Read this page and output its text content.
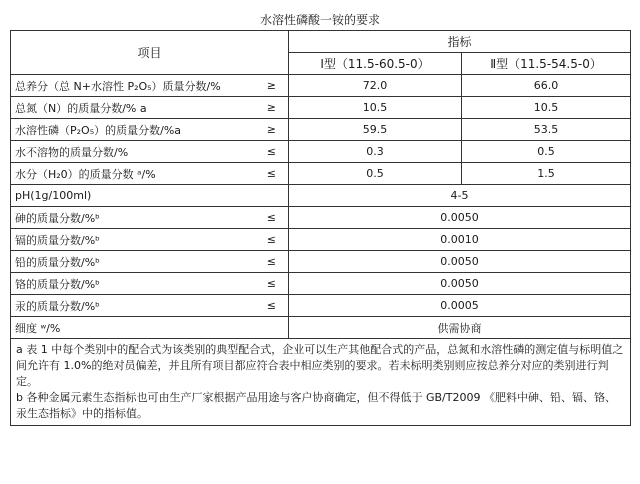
水溶性磷酸一铵的要求
项目	指标	
	Ⅰ型（11.5-60.5-0）	Ⅱ型（11.5-54.5-0）

总养分（总 N+水溶性 P₂O₅）质量分数/% ≥	72.0	66.0

总氮（N）的质量分数/% a ≥	10.5	10.5

水溶性磷（P₂O₅）的质量分数/%a ≥	59.5	53.5

水不溶物的质量分数/% ≤	0.3	0.5

水分（H₂0）的质量分数 ᵃ/% ≤	0.5	1.5
pH(1g/100ml)	4-5	

砷的质量分数/%ᵇ ≤	0.0050	

镉的质量分数/%ᵇ ≤	0.0010	

铅的质量分数/%ᵇ ≤	0.0050	

铬的质量分数/%ᵇ ≤	0.0050	

汞的质量分数/%ᵇ ≤	0.0005	
细度 ʷ/%	供需协商	

a 表 1 中每个类别中的配合式为该类别的典型配合式，企业可以生产其他配合式的产品，总氮和水溶性磷的测定值与标明值之间允许有 1.0%的绝对员偏差，并且所有项目都应符合表中相应类别的要求。若未标明类别则应按总养分对应的类别进行判定。

b 各种金属元素生态指标也可由生产厂家根据产品用途与客户协商确定，但不得低于 GB/T2009 《肥料中砷、铅、镉、铬、汞生态指标》中的指标值。		
